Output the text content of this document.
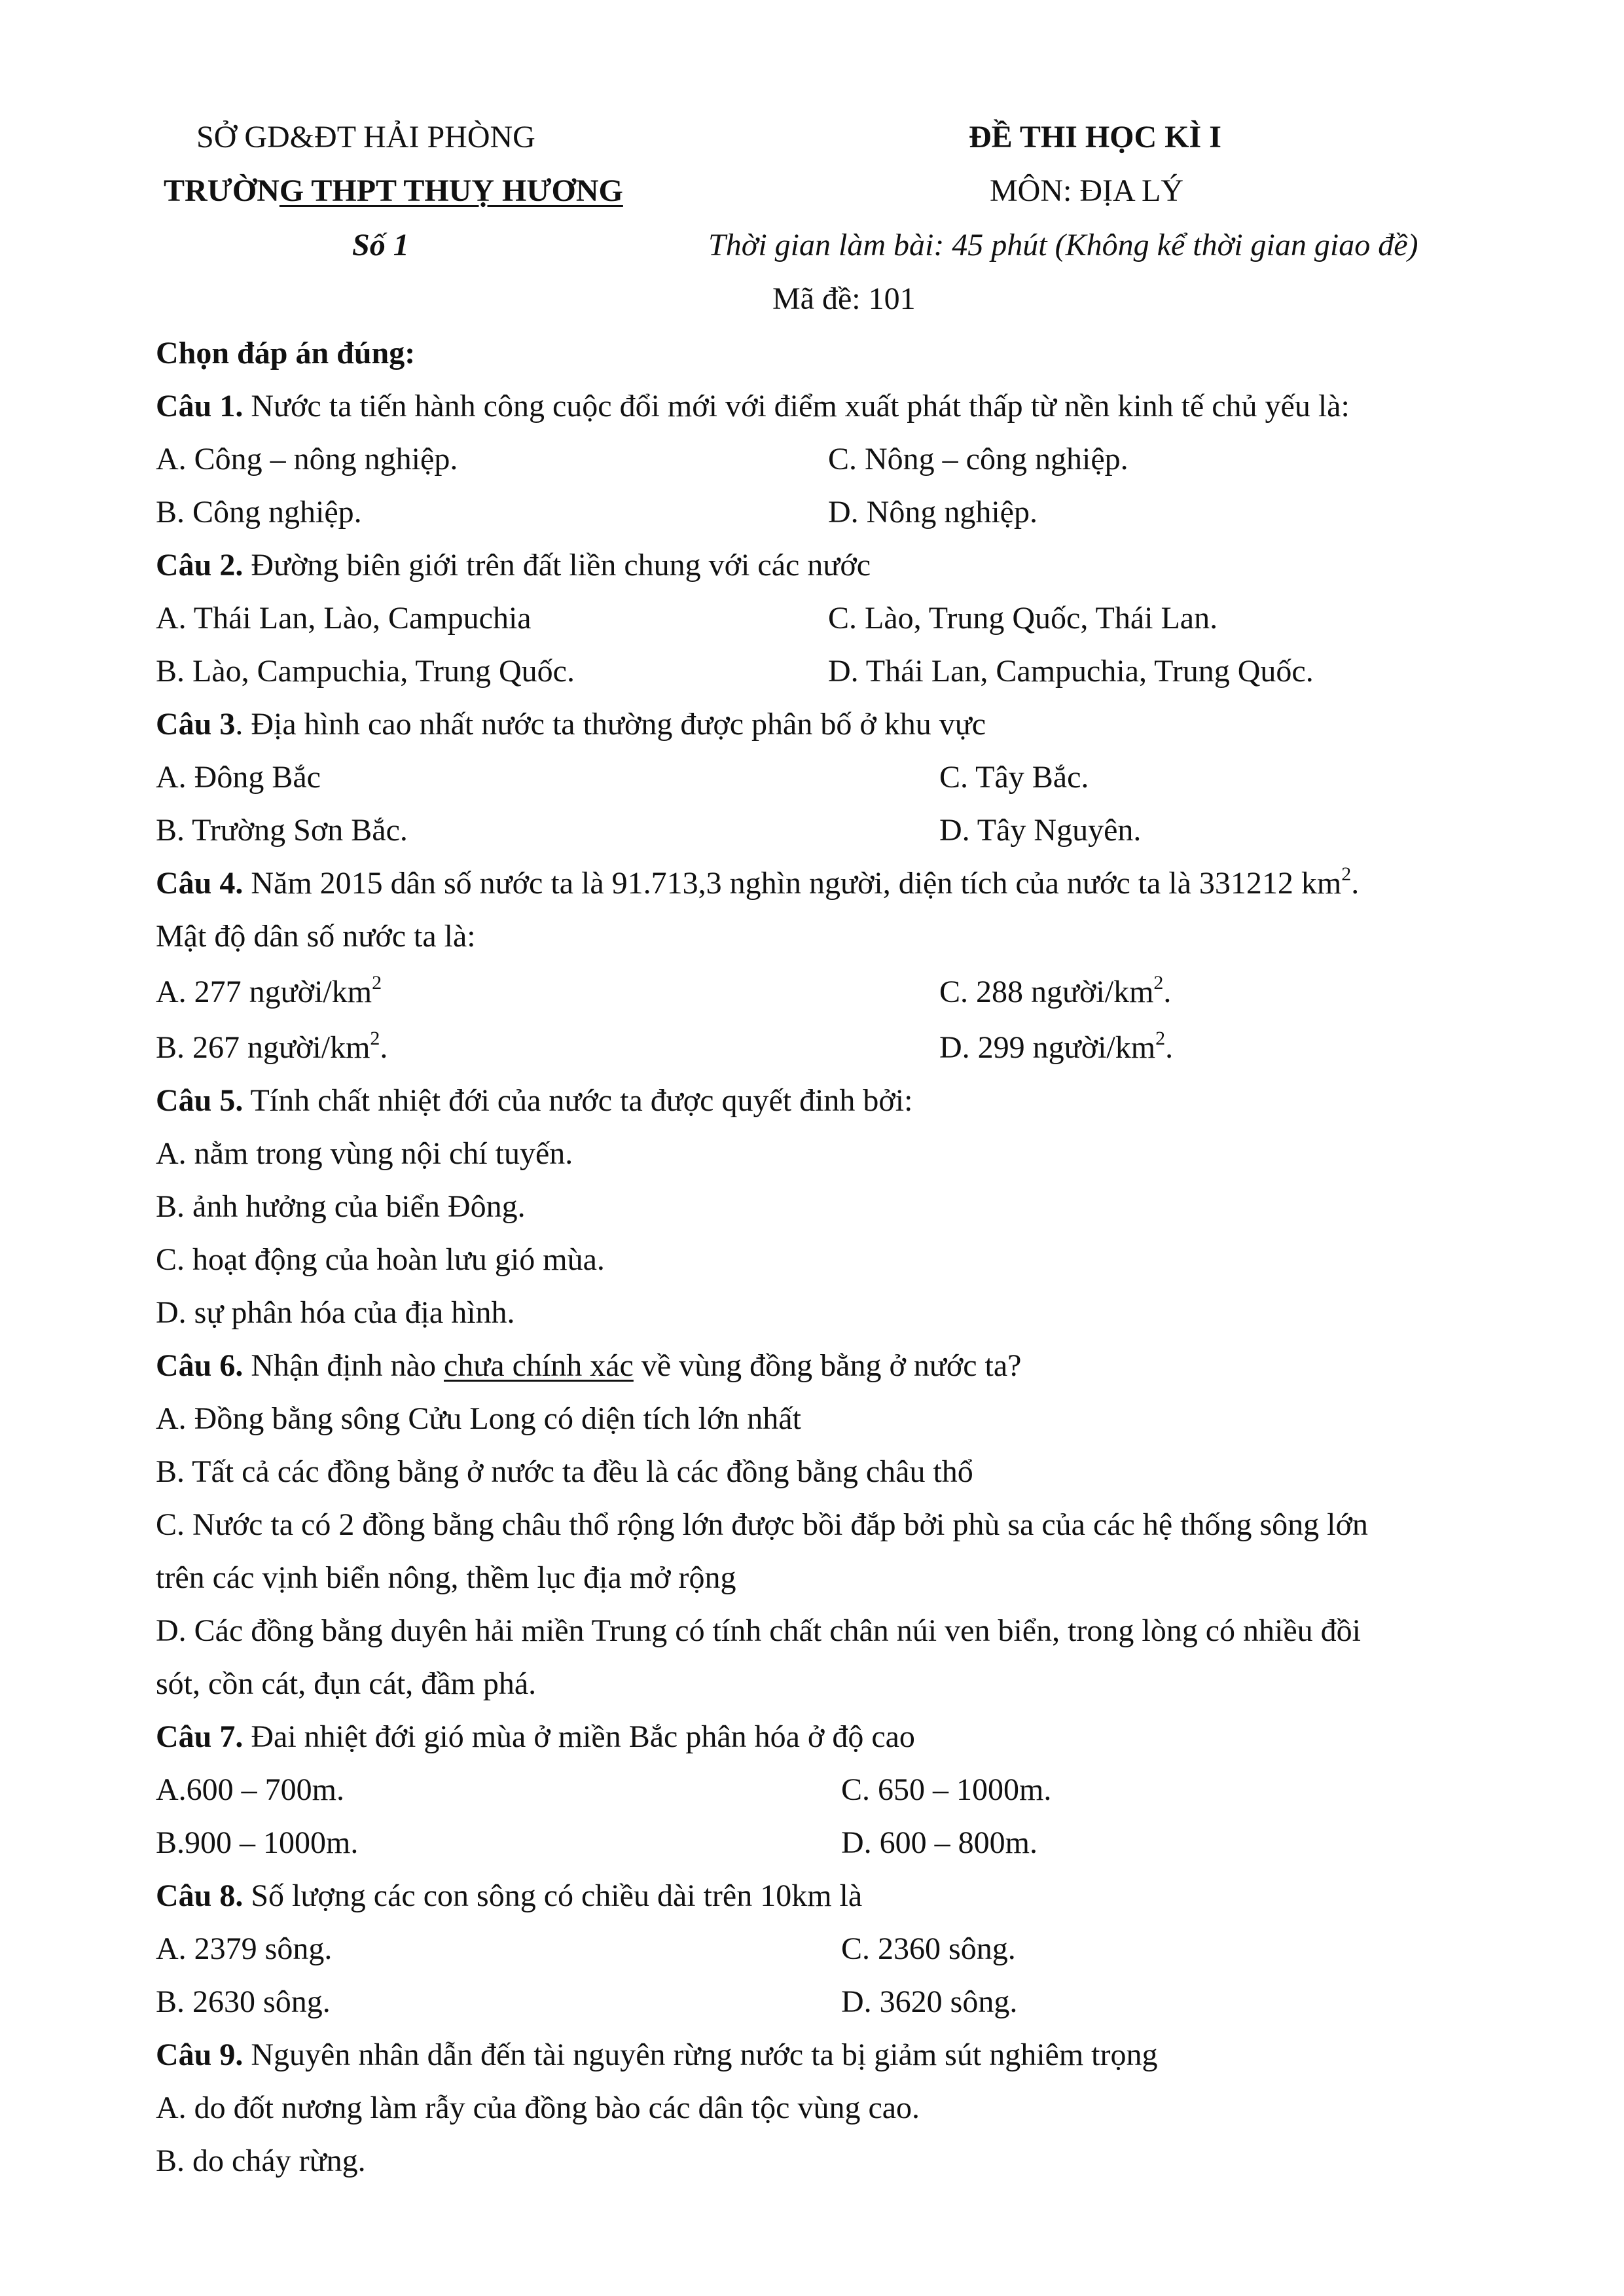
SỞ GD&ĐT HẢI PHÒNG
TRƯỜNG THPT THUỴ HƯƠNG
Số 1
ĐỀ THI HỌC KÌ I
MÔN: ĐỊA LÝ
Thời gian làm bài: 45 phút (Không kể thời gian giao đề)
Mã đề: 101
Chọn đáp án đúng:
Câu 1. Nước ta tiến hành công cuộc đổi mới với điểm xuất phát thấp từ nền kinh tế chủ yếu là:
A. Công – nông nghiệp.	C. Nông – công nghiệp.
B. Công nghiệp.	D. Nông nghiệp.
Câu 2. Đường biên giới trên đất liền chung với các nước
A. Thái Lan, Lào, Campuchia	C. Lào, Trung Quốc, Thái Lan.
B. Lào, Campuchia, Trung Quốc.	D. Thái Lan, Campuchia, Trung Quốc.
Câu 3. Địa hình cao nhất nước ta thường được phân bố ở khu vực
A. Đông Bắc	C. Tây Bắc.
B. Trường Sơn Bắc.	D. Tây Nguyên.
Câu 4. Năm 2015 dân số nước ta là 91.713,3 nghìn người, diện tích của nước ta là 331212 $km^2$.
Mật độ dân số nước ta là:
A. 277 người/$km^2$	C. 288 người/$km^2$.
B. 267 người/$km^2$.	D. 299 người/$km^2$.
Câu 5. Tính chất nhiệt đới của nước ta được quyết đinh bởi:
A. nằm trong vùng nội chí tuyến.
B. ảnh hưởng của biển Đông.
C. hoạt động của hoàn lưu gió mùa.
D. sự phân hóa của địa hình.
Câu 6. Nhận định nào chưa chính xác về vùng đồng bằng ở nước ta?
A. Đồng bằng sông Cửu Long có diện tích lớn nhất
B. Tất cả các đồng bằng ở nước ta đều là các đồng bằng châu thổ
C. Nước ta có 2 đồng bằng châu thổ rộng lớn được bồi đắp bởi phù sa của các hệ thống sông lớn
trên các vịnh biển nông, thềm lục địa mở rộng
D. Các đồng bằng duyên hải miền Trung có tính chất chân núi ven biển, trong lòng có nhiều đồi
sót, cồn cát, đụn cát, đầm phá.
Câu 7. Đai nhiệt đới gió mùa ở miền Bắc phân hóa ở độ cao
A.600 – 700m.	C. 650 – 1000m.
B.900 – 1000m.	D. 600 – 800m.
Câu 8. Số lượng các con sông có chiều dài trên 10km là
A. 2379 sông.	C. 2360 sông.
B. 2630 sông.	D. 3620 sông.
Câu 9. Nguyên nhân dẫn đến tài nguyên rừng nước ta bị giảm sút nghiêm trọng
A. do đốt nương làm rẫy của đồng bào các dân tộc vùng cao.
B. do cháy rừng.
